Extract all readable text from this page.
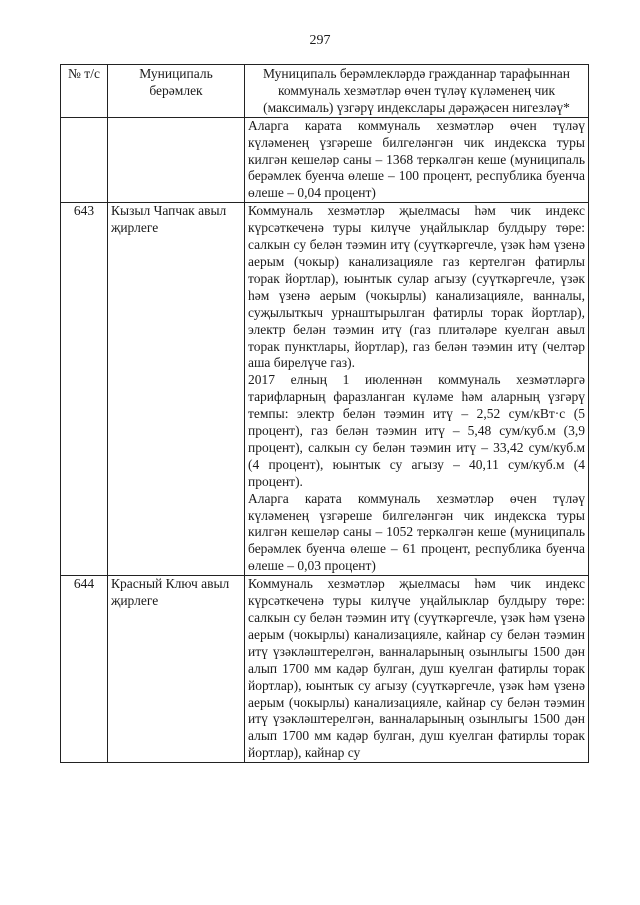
297
№ т/с	Муниципаль берәмлек	Муниципаль берәмлекләрдә гражданнар тарафыннан коммуналь хезмәтләр өчен түләү күләменең чик (максималь) үзгәрү индекслары дәрәҗәсен нигезләү*

		Аларга карата коммуналь хезмәтләр өчен түләү күләменең үзгәреше билгеләнгән чик индекска туры килгән кешеләр саны – 1368 теркәлгән кеше (муниципаль берәмлек буенча өлеше – 100 процент, республика буенча өлеше – 0,04 процент)

643	Кызыл Чапчак авыл җирлеге	Коммуналь хезмәтләр җыелмасы һәм чик индекс күрсәткеченә туры килүче уңайлыклар булдыру төре: салкын су белән тәэмин итү (суүткәргечле, үзәк һәм үзенә аерым (чокыр) канализацияле газ кертелгән фатирлы торак йортлар), юынтык сулар агызу (суүткәргечле, үзәк һәм үзенә аерым (чокырлы) канализацияле, ванналы, суҗылыткыч урнаштырылган фатирлы торак йортлар), электр белән тәэмин итү (газ плитәләре куелган авыл торак пунктлары, йортлар), газ белән тәэмин итү (челтәр аша бирелүче газ).

2017 елның 1 июленнән коммуналь хезмәтләргә тарифларның фаразланган күләме һәм аларның үзгәрү темпы: электр белән тәэмин итү – 2,52 сум/кВт·с (5 процент), газ белән тәэмин итү – 5,48 сум/куб.м (3,9 процент), салкын су белән тәэмин итү – 33,42 сум/куб.м (4 процент), юынтык су агызу – 40,11 сум/куб.м (4 процент).

Аларга карата коммуналь хезмәтләр өчен түләү күләменең үзгәреше билгеләнгән чик индекска туры килгән кешеләр саны – 1052 теркәлгән кеше (муниципаль берәмлек буенча өлеше – 61 процент, республика буенча өлеше – 0,03 процент)

644	Красный Ключ авыл җирлеге	Коммуналь хезмәтләр җыелмасы һәм чик индекс күрсәткеченә туры килүче уңайлыклар булдыру төре: салкын су белән тәэмин итү (суүткәргечле, үзәк һәм үзенә аерым (чокырлы) канализацияле, кайнар су белән тәэмин итү үзәкләштерелгән, ванналарының озынлыгы 1500 дән алып 1700 мм кадәр булган, душ куелган фатирлы торак йортлар), юынтык су агызу (суүткәргечле, үзәк һәм үзенә аерым (чокырлы) канализацияле, кайнар су белән тәэмин итү үзәкләштерелгән, ванналарының озынлыгы 1500 дән алып 1700 мм кадәр булган, душ куелган фатирлы торак йортлар), кайнар су
